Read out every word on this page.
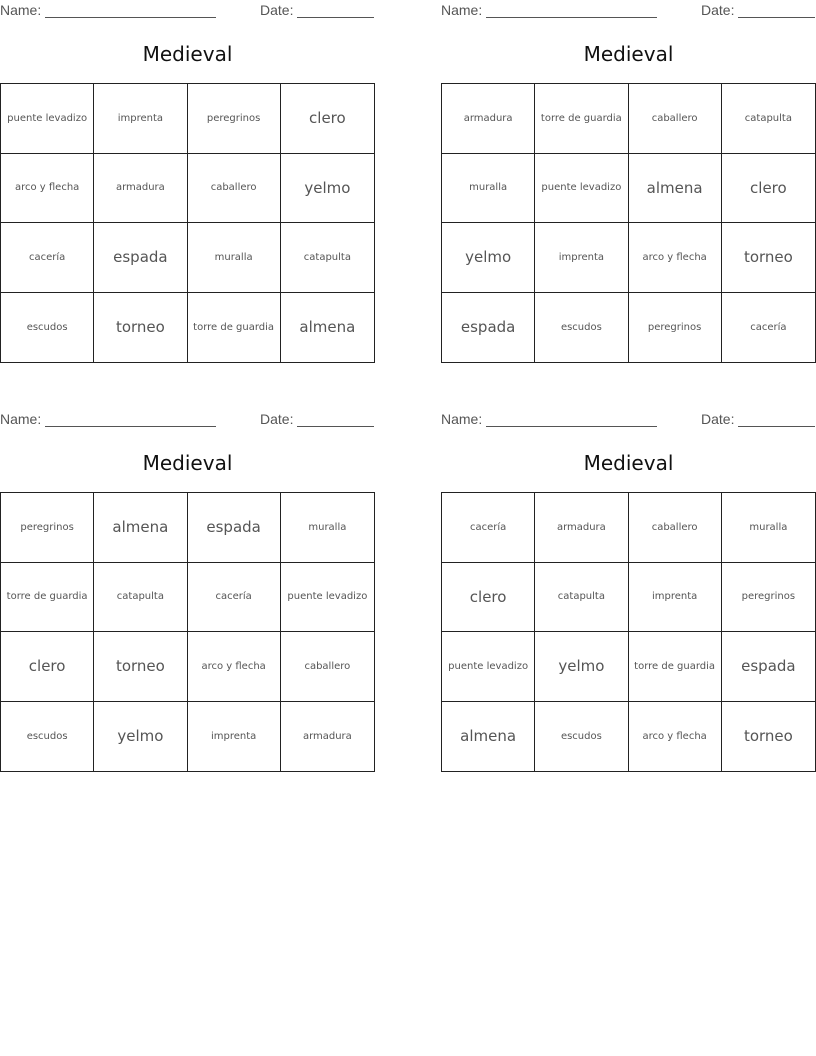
Name:	Date:
Medieval
puente levadizo	imprenta	peregrinos	clero
arco y flecha	armadura	caballero	yelmo
cacería	espada	muralla	catapulta
escudos	torneo	torre de guardia	almena
Name:	Date:
Medieval
armadura	torre de guardia	caballero	catapulta
muralla	puente levadizo	almena	clero
yelmo	imprenta	arco y flecha	torneo
espada	escudos	peregrinos	cacería
Name:	Date:
Medieval
peregrinos	almena	espada	muralla
torre de guardia	catapulta	cacería	puente levadizo
clero	torneo	arco y flecha	caballero
escudos	yelmo	imprenta	armadura
Name:	Date:
Medieval
cacería	armadura	caballero	muralla
clero	catapulta	imprenta	peregrinos
puente levadizo	yelmo	torre de guardia	espada
almena	escudos	arco y flecha	torneo
